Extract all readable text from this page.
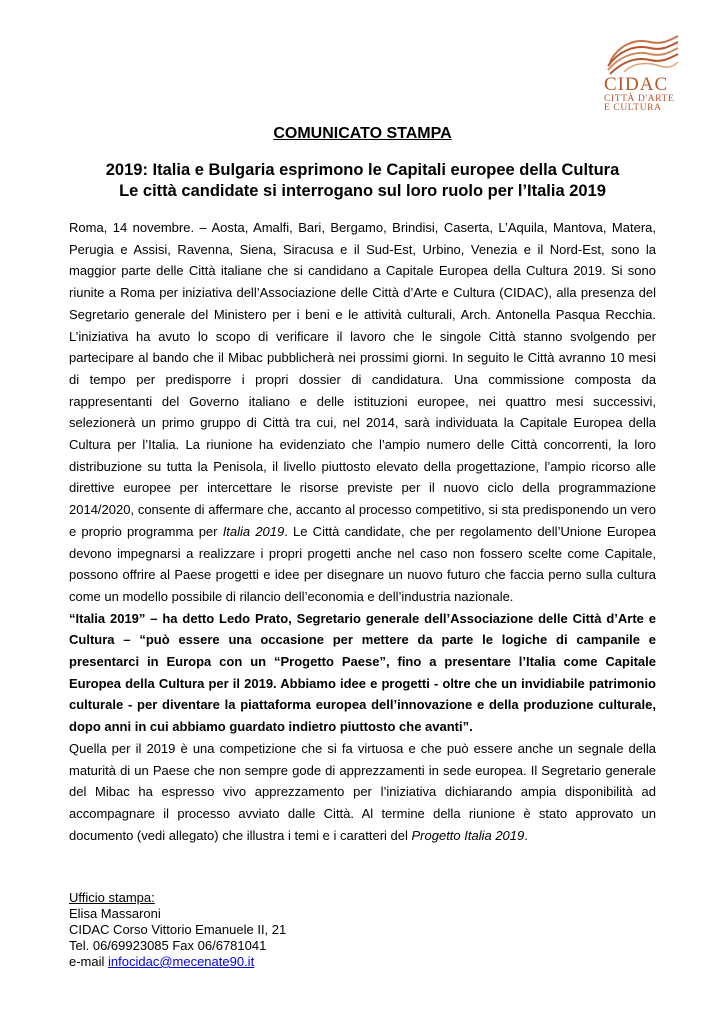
CIDAC
CITTÀ D'ARTE
E CULTURA
COMUNICATO STAMPA
2019: Italia e Bulgaria esprimono le Capitali europee della Cultura
Le città candidate si interrogano sul loro ruolo per l’Italia 2019

Roma, 14 novembre. – Aosta, Amalfi, Bari, Bergamo, Brindisi, Caserta, L’Aquila, Mantova, Matera, Perugia e Assisi, Ravenna, Siena, Siracusa e il Sud-Est, Urbino, Venezia e il Nord-Est, sono la maggior parte delle Città italiane che si candidano a Capitale Europea della Cultura 2019. Si sono riunite a Roma per iniziativa dell’Associazione delle Città d’Arte e Cultura (CIDAC), alla presenza del Segretario generale del Ministero per i beni e le attività culturali, Arch. Antonella Pasqua Recchia. L’iniziativa ha avuto lo scopo di verificare il lavoro che le singole Città stanno svolgendo per partecipare al bando che il Mibac pubblicherà nei prossimi giorni. In seguito le Città avranno 10 mesi di tempo per predisporre i propri dossier di candidatura. Una commissione composta da rappresentanti del Governo italiano e delle istituzioni europee, nei quattro mesi successivi, selezionerà un primo gruppo di Città tra cui, nel 2014, sarà individuata la Capitale Europea della Cultura per l’Italia. La riunione ha evidenziato che l’ampio numero delle Città concorrenti, la loro distribuzione su tutta la Penisola, il livello piuttosto elevato della progettazione, l’ampio ricorso alle direttive europee per intercettare le risorse previste per il nuovo ciclo della programmazione 2014/2020, consente di affermare che, accanto al processo competitivo, si sta predisponendo un vero e proprio programma per Italia 2019. Le Città candidate, che per regolamento dell’Unione Europea devono impegnarsi a realizzare i propri progetti anche nel caso non fossero scelte come Capitale, possono offrire al Paese progetti e idee per disegnare un nuovo futuro che faccia perno sulla cultura come un modello possibile di rilancio dell’economia e dell’industria nazionale.

“Italia 2019” – ha detto Ledo Prato, Segretario generale dell’Associazione delle Città d’Arte e Cultura – “può essere una occasione per mettere da parte le logiche di campanile e presentarci in Europa con un “Progetto Paese”, fino a presentare l’Italia come Capitale Europea della Cultura per il 2019. Abbiamo idee e progetti - oltre che un invidiabile patrimonio culturale - per diventare la piattaforma europea dell’innovazione e della produzione culturale, dopo anni in cui abbiamo guardato indietro piuttosto che avanti”.

Quella per il 2019 è una competizione che si fa virtuosa e che può essere anche un segnale della maturità di un Paese che non sempre gode di apprezzamenti in sede europea. Il Segretario generale del Mibac ha espresso vivo apprezzamento per l’iniziativa dichiarando ampia disponibilità ad accompagnare il processo avviato dalle Città. Al termine della riunione è stato approvato un documento (vedi allegato) che illustra i temi e i caratteri del Progetto Italia 2019.

Ufficio stampa:
Elisa Massaroni
CIDAC Corso Vittorio Emanuele II, 21
Tel. 06/69923085 Fax 06/6781041
e-mail infocidac@mecenate90.it
